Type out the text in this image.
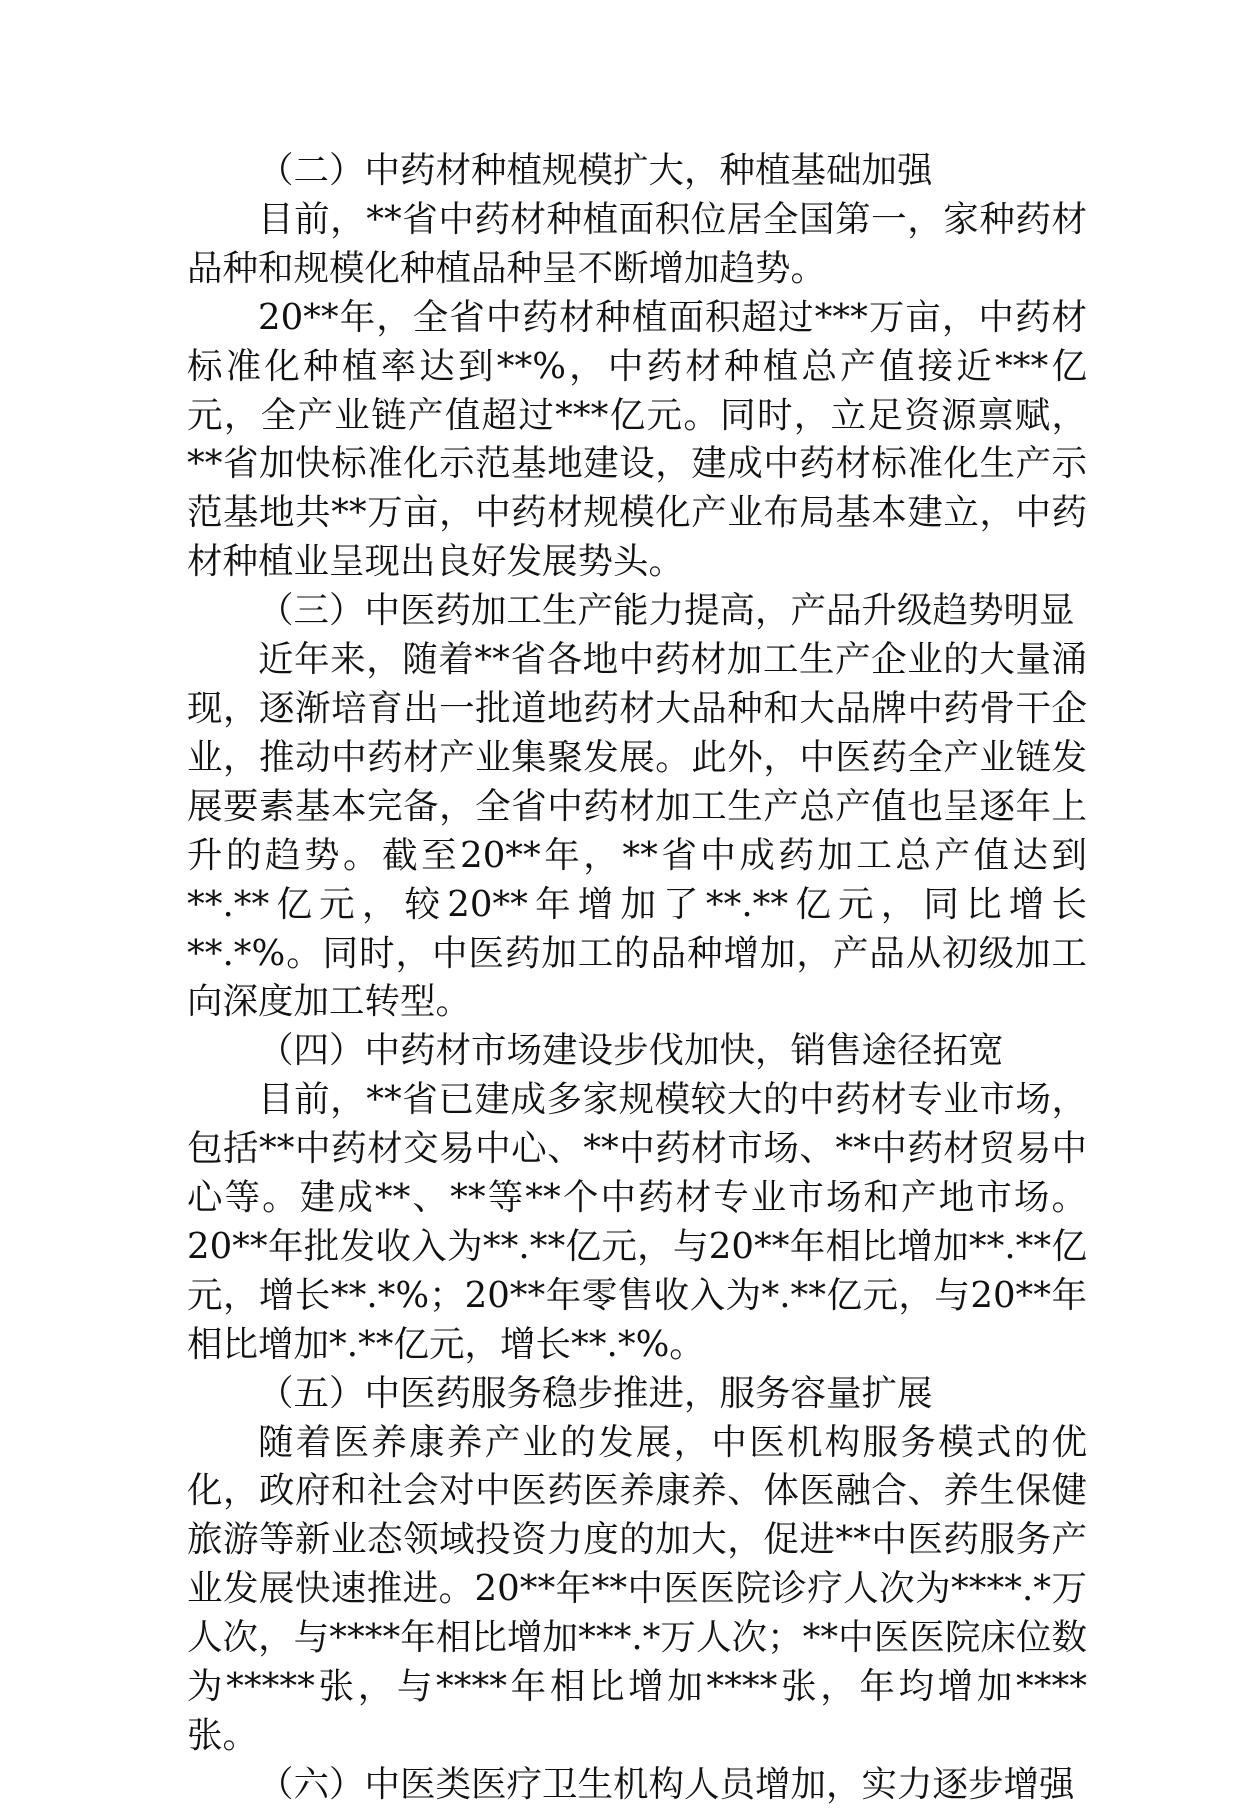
（二）中药材种植规模扩大，种植基础加强

目前，**省中药材种植面积位居全国第一，家种药材品种和规模化种植品种呈不断增加趋势。

20**年，全省中药材种植面积超过***万亩，中药材标准化种植率达到**%，中药材种植总产值接近***亿元，全产业链产值超过***亿元。同时，立足资源禀赋，**省加快标准化示范基地建设，建成中药材标准化生产示范基地共**万亩，中药材规模化产业布局基本建立，中药材种植业呈现出良好发展势头。

（三）中医药加工生产能力提高，产品升级趋势明显

近年来，随着**省各地中药材加工生产企业的大量涌现，逐渐培育出一批道地药材大品种和大品牌中药骨干企业，推动中药材产业集聚发展。此外，中医药全产业链发展要素基本完备，全省中药材加工生产总产值也呈逐年上升的趋势。截至20**年，**省中成药加工总产值达到**.**亿元，较20**年增加了**.**亿元，同比增长**.*%。同时，中医药加工的品种增加，产品从初级加工向深度加工转型。

（四）中药材市场建设步伐加快，销售途径拓宽

目前，**省已建成多家规模较大的中药材专业市场，包括**中药材交易中心、**中药材市场、**中药材贸易中心等。建成**、**等**个中药材专业市场和产地市场。20**年批发收入为**.**亿元，与20**年相比增加**.**亿元，增长**.*%；20**年零售收入为*.**亿元，与20**年相比增加*.**亿元，增长**.*%。

（五）中医药服务稳步推进，服务容量扩展

随着医养康养产业的发展，中医机构服务模式的优化，政府和社会对中医药医养康养、体医融合、养生保健旅游等新业态领域投资力度的加大，促进**中医药服务产业发展快速推进。20**年**中医医院诊疗人次为****.*万人次，与****年相比增加***.*万人次；**中医医院床位数为*****张，与****年相比增加****张，年均增加****张。

（六）中医类医疗卫生机构人员增加，实力逐步增强
